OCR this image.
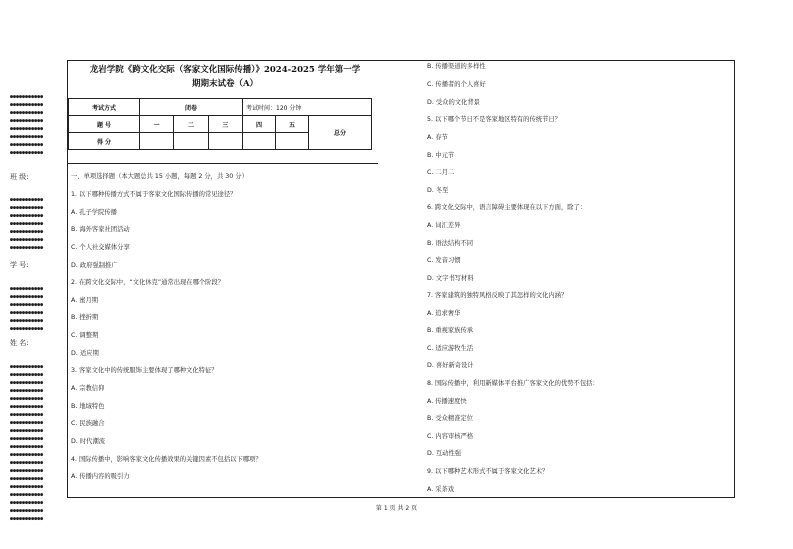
●●●●●●●●●●●
●●●●●●●●●●●
●●●●●●●●●●●
●●●●●●●●●●●
●●●●●●●●●●●
●●●●●●●●●●●
●●●●●●●●●●●
●●●●●●●●●●●
班 级:
●●●●●●●●●●●
●●●●●●●●●●●
●●●●●●●●●●●
●●●●●●●●●●●
●●●●●●●●●●●
●●●●●●●●●●●
●●●●●●●●●●●
学 号:
●●●●●●●●●●●
●●●●●●●●●●●
●●●●●●●●●●●
●●●●●●●●●●●
●●●●●●●●●●●
●●●●●●●●●●●
姓 名:
●●●●●●●●●●●
●●●●●●●●●●●
●●●●●●●●●●●
●●●●●●●●●●●
●●●●●●●●●●●
●●●●●●●●●●●
●●●●●●●●●●●
●●●●●●●●●●●
●●●●●●●●●●●
●●●●●●●●●●●
●●●●●●●●●●●
●●●●●●●●●●●
●●●●●●●●●●●
●●●●●●●●●●●
●●●●●●●●●●●
●●●●●●●●●●●
●●●●●●●●●●●
●●●●●●●●●●●
●●●●●●●●●●●
●●●●●●●●●●●
龙岩学院《跨文化交际（客家文化国际传播）》2024-2025 学年第一学
期期末试卷（A）
考试方式	闭卷			考试时间：120 分钟		
题 号	一	二	三	四	五	总分
得 分						
一、单项选择题（本大题总共 15 小题，每题 2 分，共 30 分）
1. 以下哪种传播方式不属于客家文化国际传播的常见途径？
A. 孔子学院传播
B. 海外客家社团活动
C. 个人社交媒体分享
D. 政府强制推广
2. 在跨文化交际中，“文化休克”通常出现在哪个阶段？
A. 蜜月期
B. 挫折期
C. 调整期
D. 适应期
3. 客家文化中的传统服饰主要体现了哪种文化特征？
A. 宗教信仰
B. 地域特色
C. 民族融合
D. 时代潮流
4. 国际传播中，影响客家文化传播效果的关键因素不包括以下哪项？
A. 传播内容的吸引力
B. 传播渠道的多样性
C. 传播者的个人喜好
D. 受众的文化背景
5. 以下哪个节日不是客家地区特有的传统节日？
A. 春节
B. 中元节
C. 二月二
D. 冬至
6. 跨文化交际中，语言障碍主要体现在以下方面，除了：
A. 词汇差异
B. 语法结构不同
C. 发音习惯
D. 文字书写材料
7. 客家建筑的独特风格反映了其怎样的文化内涵？
A. 追求奢华
B. 重视家族传承
C. 适应游牧生活
D. 喜好新奇设计
8. 国际传播中，利用新媒体平台推广客家文化的优势不包括：
A. 传播速度快
B. 受众精准定位
C. 内容审核严格
D. 互动性强
9. 以下哪种艺术形式不属于客家文化艺术？
A. 采茶戏
第 1 页 共 2 页
